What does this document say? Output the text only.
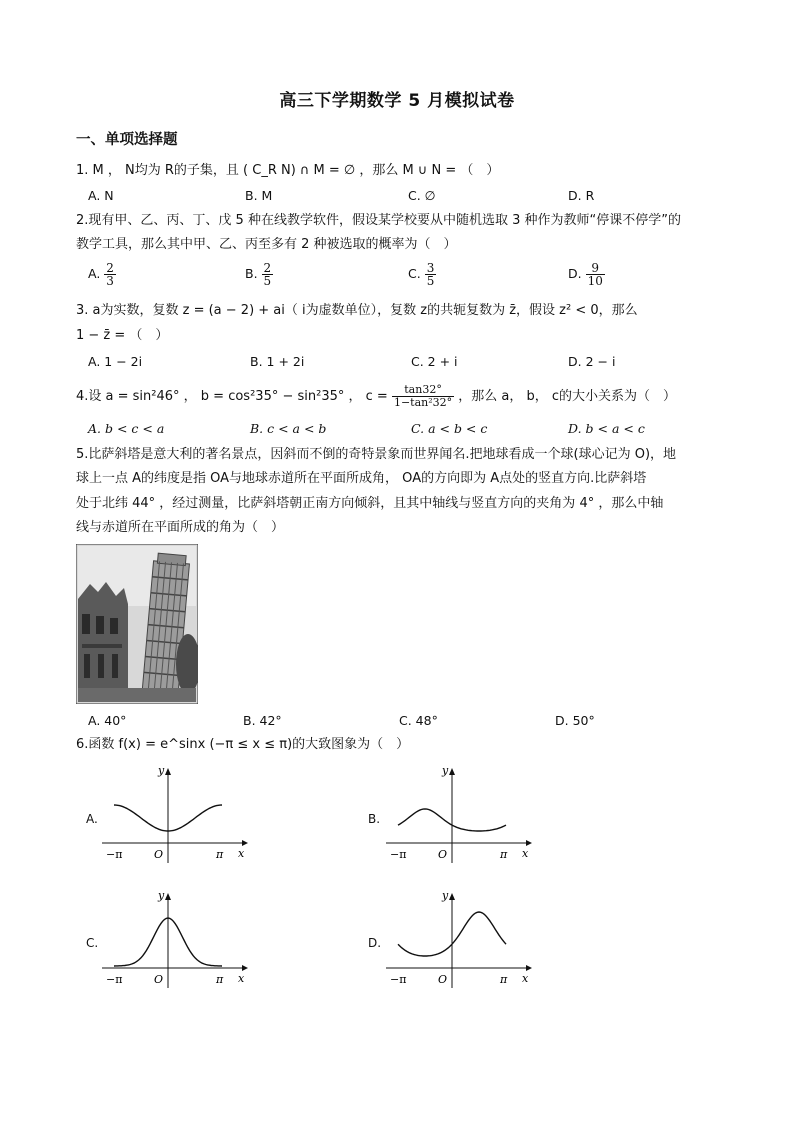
高三下学期数学 5 月模拟试卷
一、单项选择题
1. M ， N均为 R的子集，且 ( C_R N) ∩ M = ∅ ，那么 M ∪ N = （　）
A. N	B. M	C. ∅	D. R
2.现有甲、乙、丙、丁、戊 5 种在线教学软件，假设某学校要从中随机选取 3 种作为教师“停课不停学”的
教学工具，那么其中甲、乙、丙至多有 2 种被选取的概率为（　）
A. $\frac{2}{3}$	B. $\frac{2}{5}$	C. $\frac{3}{5}$	D. $\frac{9}{10}$
3. a为实数，复数 z = (a − 2) + ai（ i为虚数单位），复数 z的共轭复数为 z̄，假设 z² < 0，那么
1 − z̄ = （　）
A. 1 − 2i	B. 1 + 2i	C. 2 + i	D. 2 − i
4.设 a = sin²46° ， b = cos²35° − sin²35° ， $c = \frac{\tan 32^\circ}{\text{1−tan²32°}}$ ，那么 a， b， c的大小关系为（　）
A. b < c < a	B. c < a < b	C. a < b < c	D. b < a < c
5.比萨斜塔是意大利的著名景点，因斜而不倒的奇特景象而世界闻名.把地球看成一个球(球心记为 O)，地
球上一点 A的纬度是指 OA与地球赤道所在平面所成角， OA的方向即为 A点处的竖直方向.比萨斜塔
处于北纬 44° ，经过测量，比萨斜塔朝正南方向倾斜，且其中轴线与竖直方向的夹角为 4° ，那么中轴
线与赤道所在平面所成的角为（　）
A. 40°	B. 42°	C. 48°	D. 50°
6.函数 f(x) = e^sinx (−π ≤ x ≤ π)的大致图象为（　）
A.
y
x
O
−π	π
B.
y
x
O
−π	π
C.
y
x
O
−π	π
D.
y
x
O
−π	π
